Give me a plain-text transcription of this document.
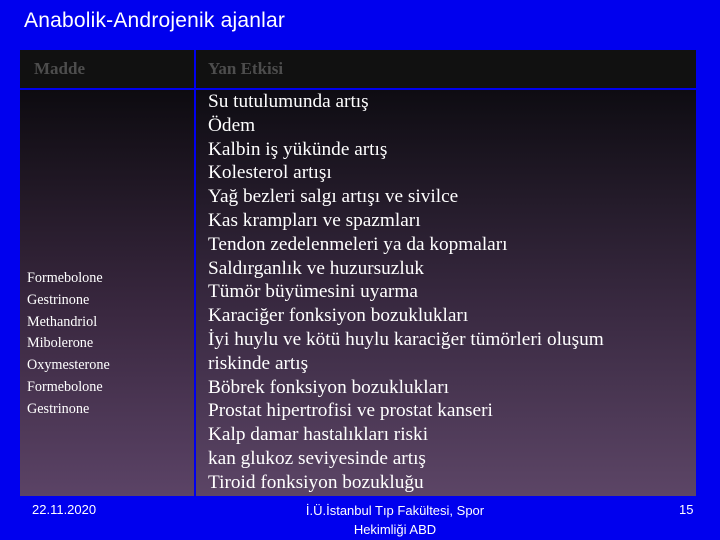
Anabolik-Androjenik ajanlar
Madde	Yan Etkisi
Formebolone
Gestrinone
Methandriol
Mibolerone
Oxymesterone
Formebolone
Gestrinone
Su tutulumunda artış
Ödem
Kalbin iş yükünde artış
Kolesterol artışı
Yağ bezleri salgı artışı ve sivilce
Kas krampları ve spazmları
Tendon zedelenmeleri ya da kopmaları
Saldırganlık ve huzursuzluk
Tümör büyümesini uyarma
Karaciğer fonksiyon bozuklukları
İyi huylu ve kötü huylu karaciğer tümörleri oluşum
riskinde artış
Böbrek fonksiyon bozuklukları
Prostat hipertrofisi ve prostat kanseri
Kalp damar hastalıkları riski
kan glukoz seviyesinde artış
Tiroid fonksiyon bozukluğu
22.11.2020	İ.Ü.İstanbul Tıp Fakültesi, Spor
Hekimliği ABD
15
